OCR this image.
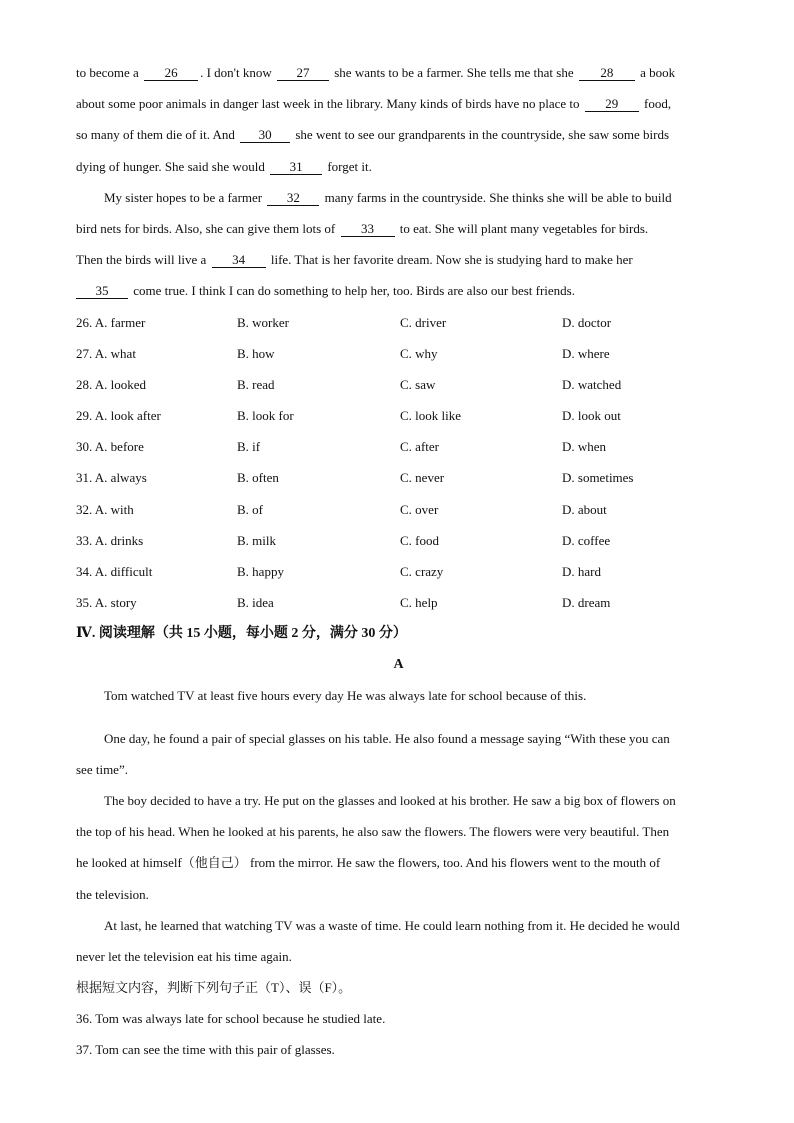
to become a 26 . I don't know 27 she wants to be a farmer. She tells me that she 28 a book
about some poor animals in danger last week in the library. Many kinds of birds have no place to 29 food,
so many of them die of it. And 30 she went to see our grandparents in the countryside, she saw some birds
dying of hunger. She said she would 31 forget it.
My sister hopes to be a farmer 32 many farms in the countryside. She thinks she will be able to build
bird nets for birds. Also, she can give them lots of 33 to eat. She will plant many vegetables for birds.
Then the birds will live a 34 life. That is her favorite dream. Now she is studying hard to make her
35 come true. I think I can do something to help her, too. Birds are also our best friends.
26. A. farmer	B. worker	C. driver	D. doctor
27. A. what	B. how	C. why	D. where
28. A. looked	B. read	C. saw	D. watched
29. A. look after	B. look for	C. look like	D. look out
30. A. before	B. if	C. after	D. when
31. A. always	B. often	C. never	D. sometimes
32. A. with	B. of	C. over	D. about
33. A. drinks	B. milk	C. food	D. coffee
34. A. difficult	B. happy	C. crazy	D. hard
35. A. story	B. idea	C. help	D. dream
Ⅳ. 阅读理解（共 15 小题，每小题 2 分，满分 30 分）
A
Tom watched TV at least five hours every day He was always late for school because of this.
One day, he found a pair of special glasses on his table. He also found a message saying “With these you can
see time”.
The boy decided to have a try. He put on the glasses and looked at his brother. He saw a big box of flowers on
the top of his head. When he looked at his parents, he also saw the flowers. The flowers were very beautiful. Then
he looked at himself（他自己） from the mirror. He saw the flowers, too. And his flowers went to the mouth of
the television.
At last, he learned that watching TV was a waste of time. He could learn nothing from it. He decided he would
never let the television eat his time again.
根据短文内容，判断下列句子正（T）、误（F）。
36. Tom was always late for school because he studied late.
37. Tom can see the time with this pair of glasses.
